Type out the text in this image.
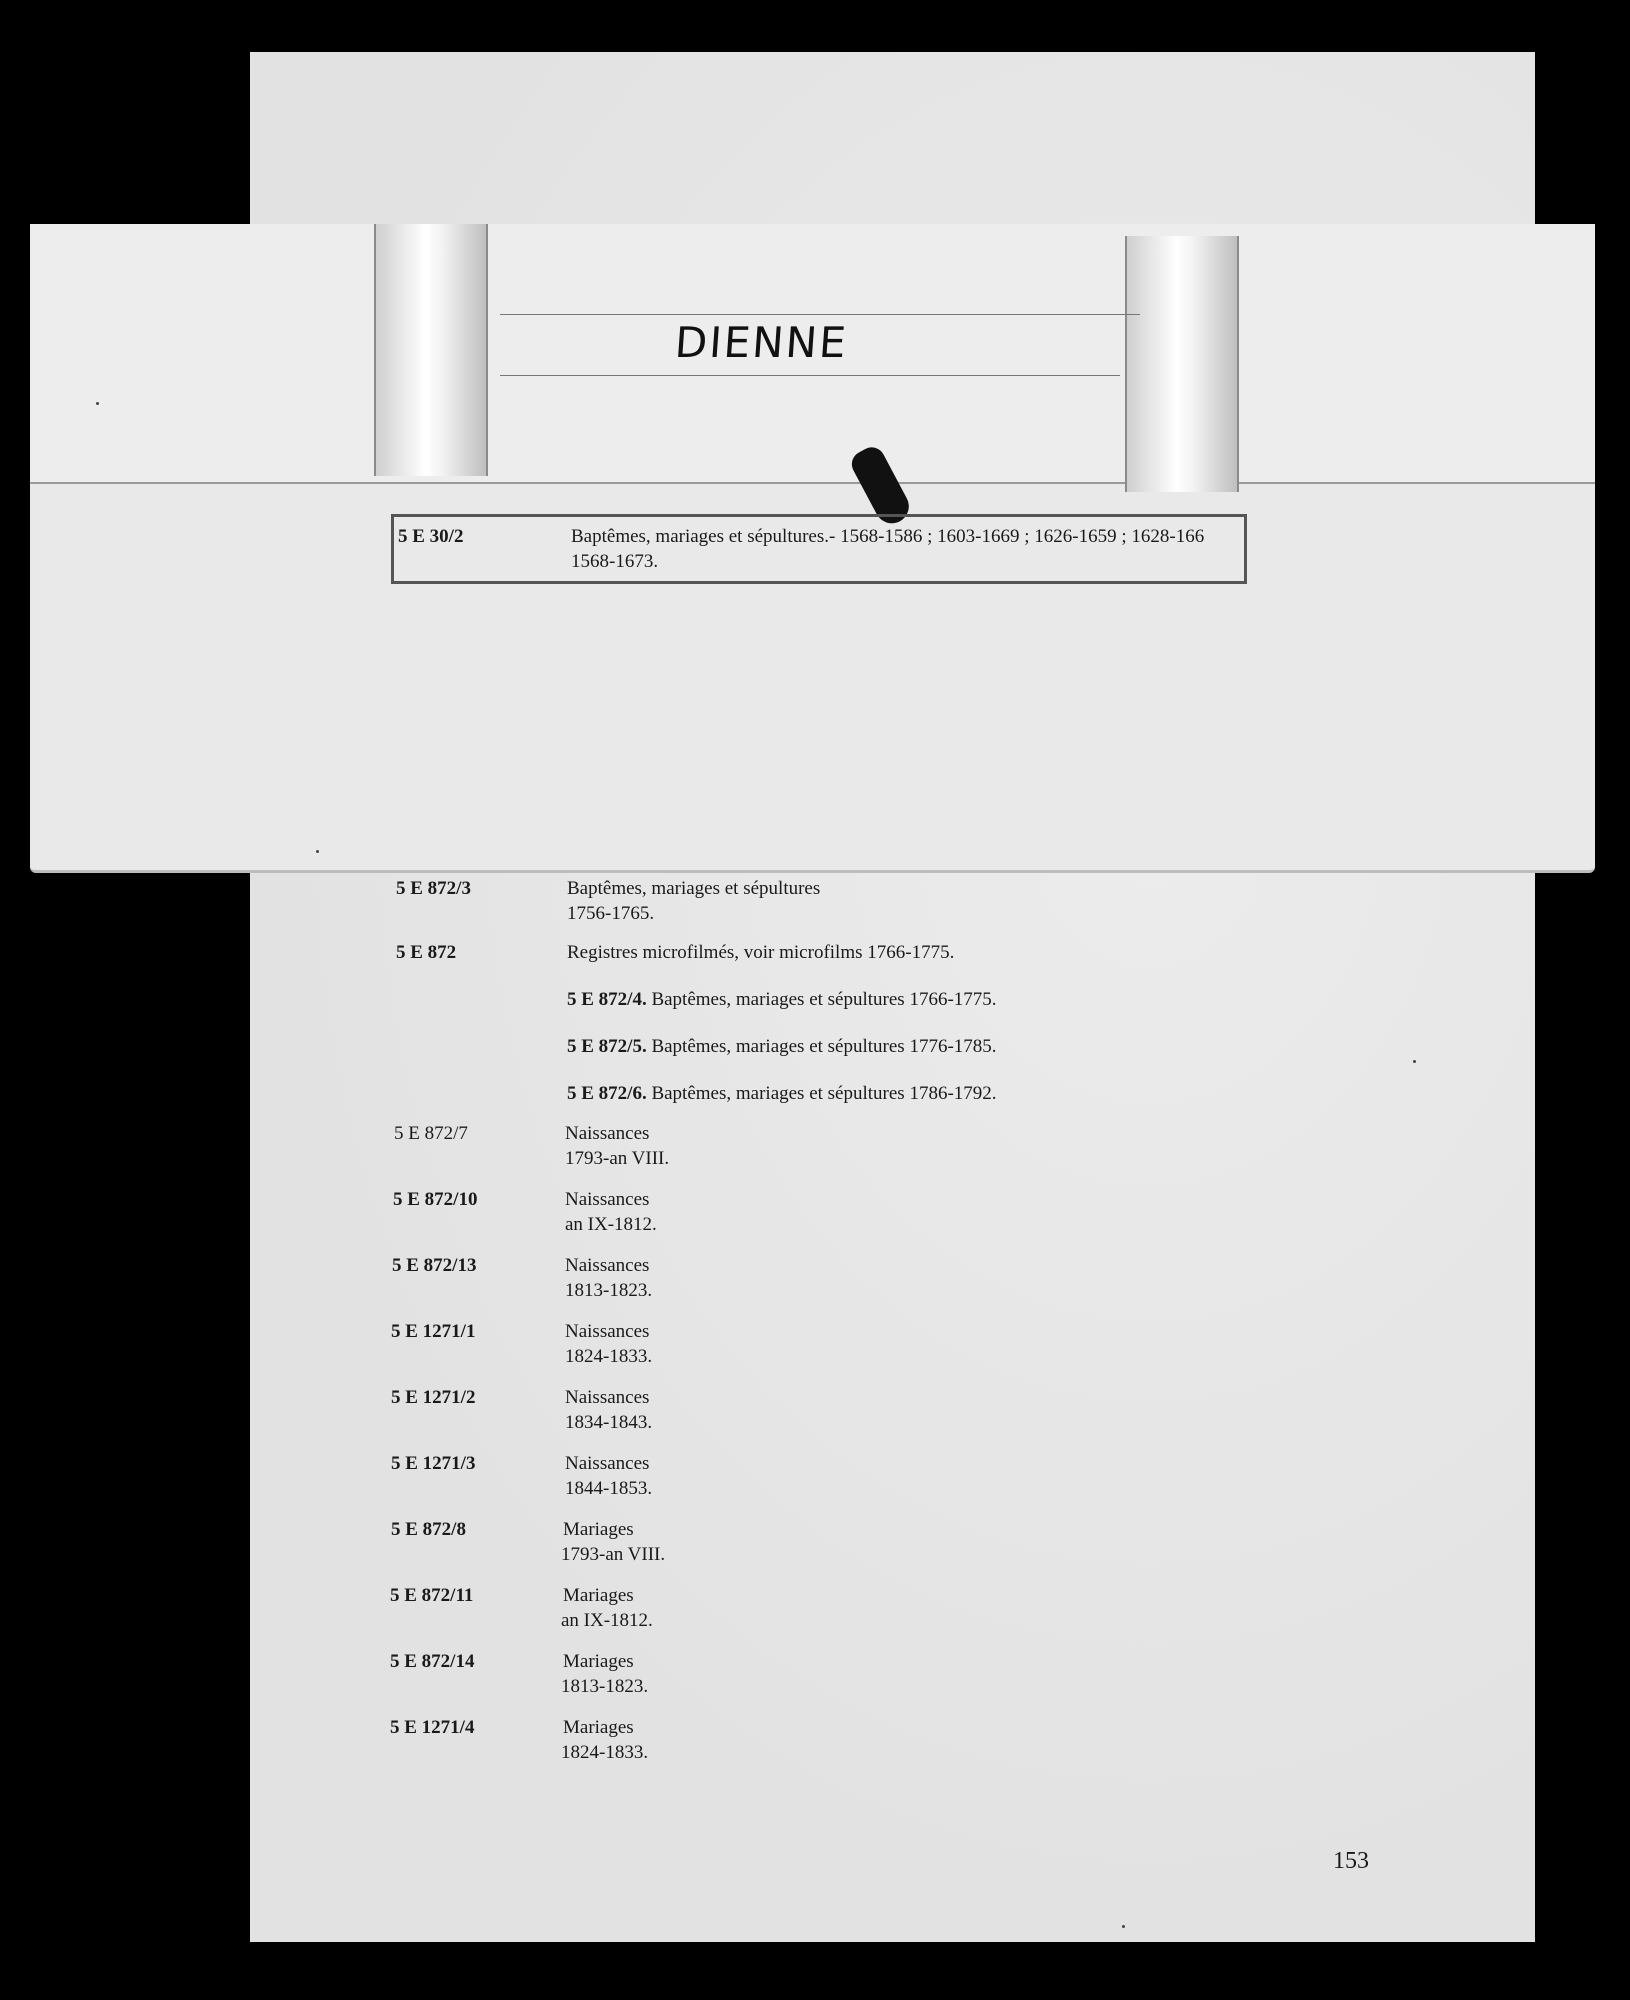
DIENNE
5 E 30/2	Baptêmes, mariages et sépultures.- 1568-1586 ; 1603-1669 ; 1626-1659 ; 1628-166
1568-1673.
5 E 872/3	Baptêmes, mariages et sépultures
1756-1765.
5 E 872	Registres microfilmés, voir microfilms 1766-1775.
5 E 872/4. Baptêmes, mariages et sépultures 1766-1775.
5 E 872/5. Baptêmes, mariages et sépultures 1776-1785.
5 E 872/6. Baptêmes, mariages et sépultures 1786-1792.
5 E 872/7	Naissances
1793-an VIII.
5 E 872/10	Naissances
an IX-1812.
5 E 872/13	Naissances
1813-1823.
5 E 1271/1	Naissances
1824-1833.
5 E 1271/2	Naissances
1834-1843.
5 E 1271/3	Naissances
1844-1853.
5 E 872/8	Mariages
1793-an VIII.
5 E 872/11	Mariages
an IX-1812.
5 E 872/14	Mariages
1813-1823.
5 E 1271/4	Mariages
1824-1833.
153
